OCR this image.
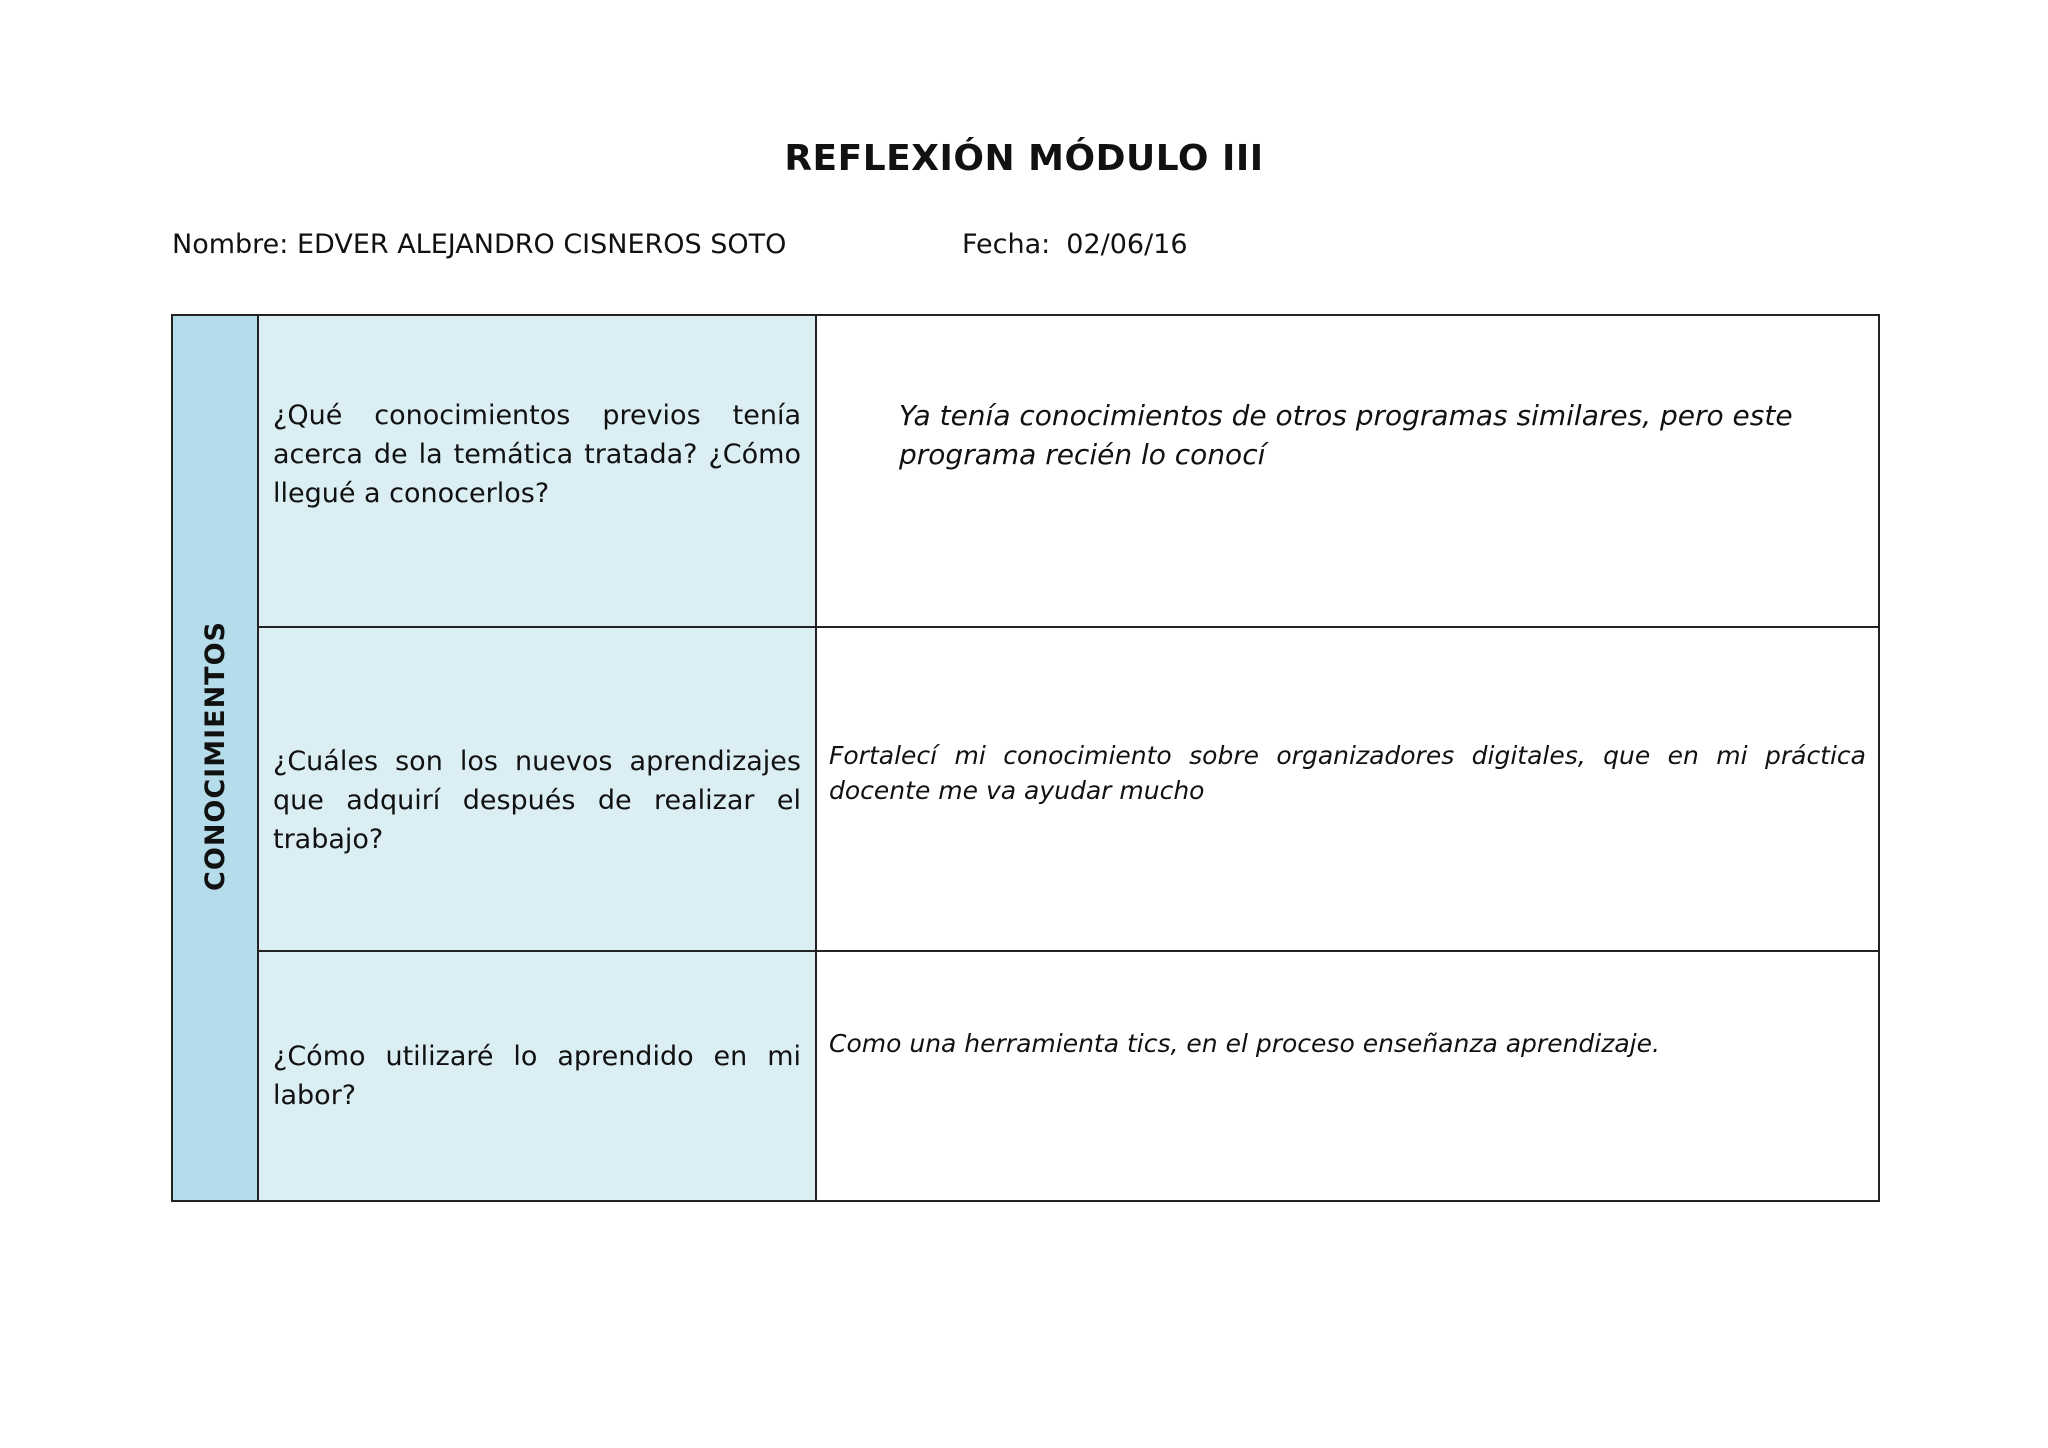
REFLEXIÓN MÓDULO III
Nombre: EDVER ALEJANDRO CISNEROS SOTO	Fecha: 02/06/16
CONOCIMIENTOS	¿Qué conocimientos previos tenía acerca de la temática tratada? ¿Cómo llegué a conocerlos?	Ya tenía conocimientos de otros programas similares, pero este programa recién lo conocí

	¿Cuáles son los nuevos aprendizajes que adquirí después de realizar el trabajo?	Fortalecí mi conocimiento sobre organizadores digitales, que en mi práctica docente me va ayudar mucho

	¿Cómo utilizaré lo aprendido en mi labor?	Como una herramienta tics, en el proceso enseñanza aprendizaje.
